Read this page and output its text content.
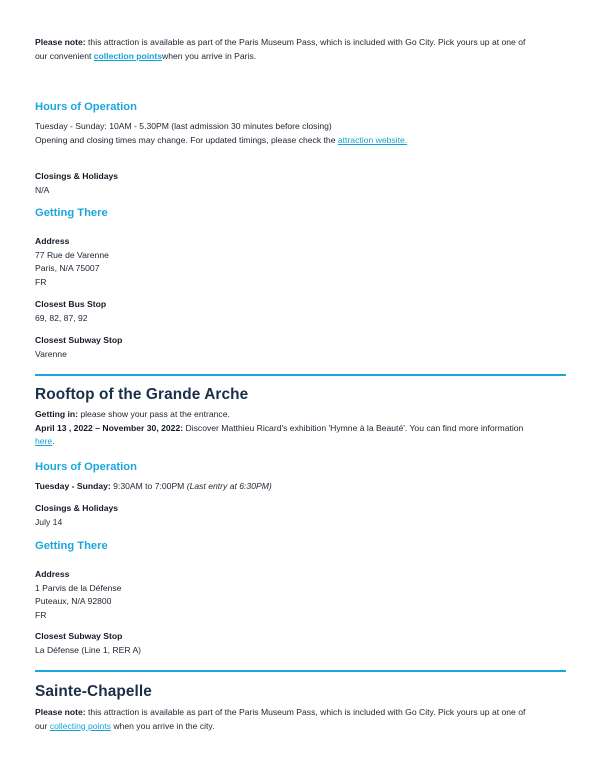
Please note: this attraction is available as part of the Paris Museum Pass, which is included with Go City. Pick yours up at one of

our convenient collection pointswhen you arrive in Paris.

Hours of Operation

Tuesday - Sunday: 10AM - 5.30PM (last admission 30 minutes before closing)

Opening and closing times may change. For updated timings, please check the attraction website.

Closings & Holidays

N/A

Getting There

Address

77 Rue de Varenne

Paris, N/A 75007

FR

Closest Bus Stop

69, 82, 87, 92

Closest Subway Stop

Varenne

Rooftop of the Grande Arche

Getting in: please show your pass at the entrance.

April 13 , 2022 – November 30, 2022: Discover Matthieu Ricard's exhibition 'Hymne à la Beauté'. You can find more information

here.

Hours of Operation

Tuesday - Sunday: 9:30AM to 7:00PM (Last entry at 6:30PM)

Closings & Holidays

July 14

Getting There

Address

1 Parvis de la Défense

Puteaux, N/A 92800

FR

Closest Subway Stop

La Défense (Line 1, RER A)

Sainte-Chapelle

Please note: this attraction is available as part of the Paris Museum Pass, which is included with Go City. Pick yours up at one of

our collecting points when you arrive in the city.
